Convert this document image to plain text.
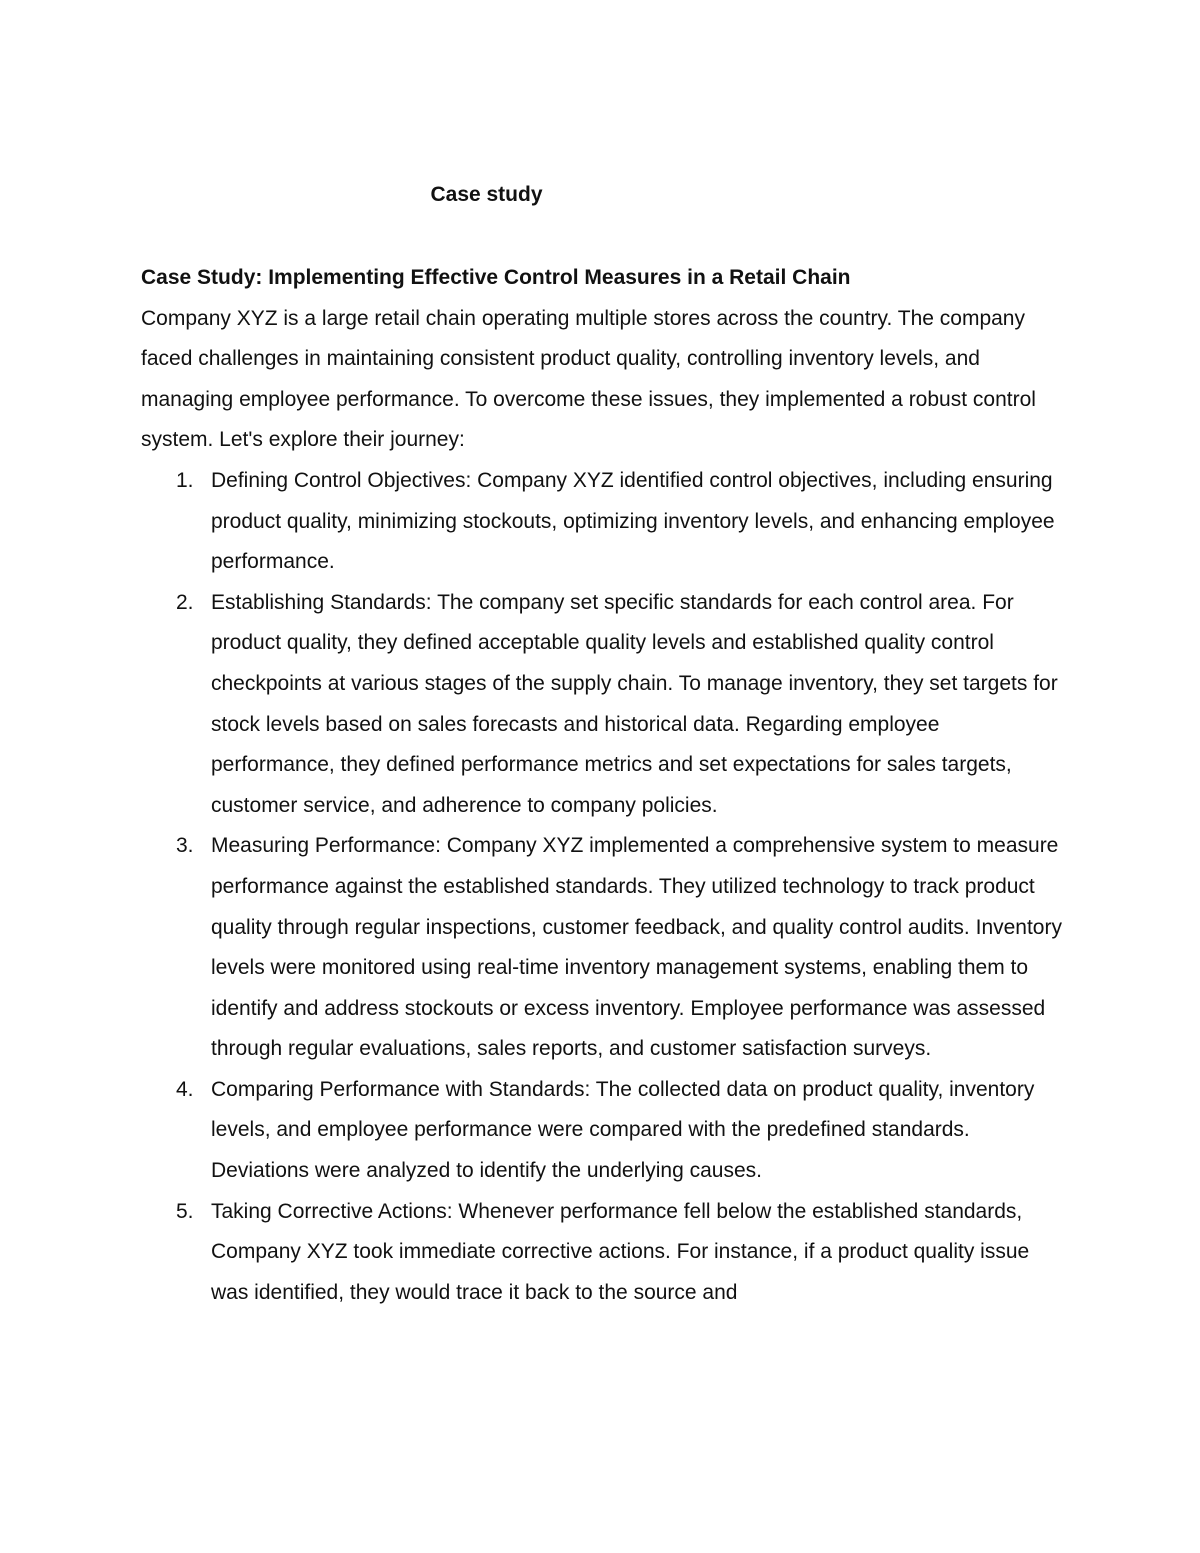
Case study

Case Study: Implementing Effective Control Measures in a Retail Chain

Company XYZ is a large retail chain operating multiple stores across the country. The company faced challenges in maintaining consistent product quality, controlling inventory levels, and managing employee performance. To overcome these issues, they implemented a robust control system. Let's explore their journey:

1. Defining Control Objectives: Company XYZ identified control objectives, including ensuring product quality, minimizing stockouts, optimizing inventory levels, and enhancing employee performance.
2. Establishing Standards: The company set specific standards for each control area. For product quality, they defined acceptable quality levels and established quality control checkpoints at various stages of the supply chain. To manage inventory, they set targets for stock levels based on sales forecasts and historical data. Regarding employee performance, they defined performance metrics and set expectations for sales targets, customer service, and adherence to company policies.
3. Measuring Performance: Company XYZ implemented a comprehensive system to measure performance against the established standards. They utilized technology to track product quality through regular inspections, customer feedback, and quality control audits. Inventory levels were monitored using real-time inventory management systems, enabling them to identify and address stockouts or excess inventory. Employee performance was assessed through regular evaluations, sales reports, and customer satisfaction surveys.
4. Comparing Performance with Standards: The collected data on product quality, inventory levels, and employee performance were compared with the predefined standards. Deviations were analyzed to identify the underlying causes.
5. Taking Corrective Actions: Whenever performance fell below the established standards, Company XYZ took immediate corrective actions. For instance, if a product quality issue was identified, they would trace it back to the source and
